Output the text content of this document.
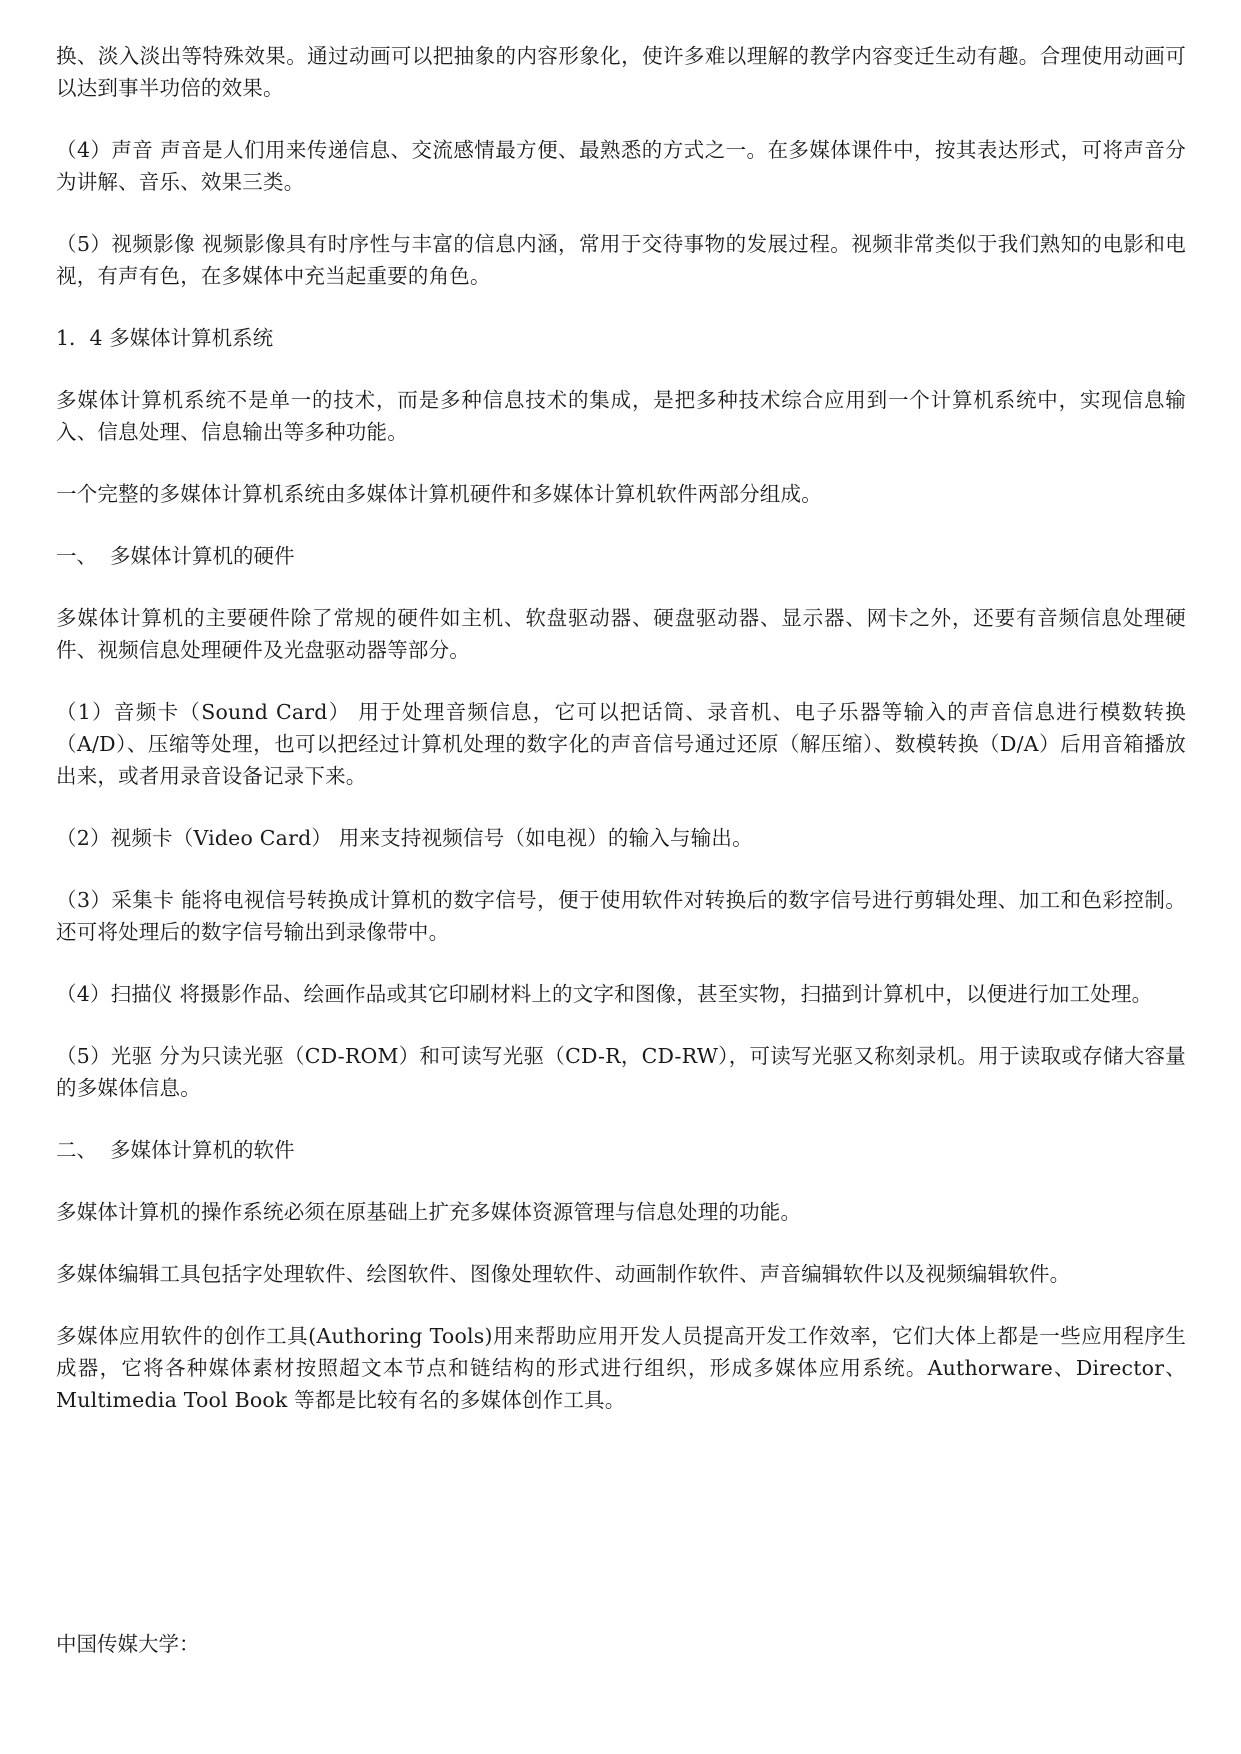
换、淡入淡出等特殊效果。通过动画可以把抽象的内容形象化，使许多难以理解的教学内容变迁生动有趣。合理使用动画可以达到事半功倍的效果。

（4）声音 声音是人们用来传递信息、交流感情最方便、最熟悉的方式之一。在多媒体课件中，按其表达形式，可将声音分为讲解、音乐、效果三类。

（5）视频影像 视频影像具有时序性与丰富的信息内涵，常用于交待事物的发展过程。视频非常类似于我们熟知的电影和电视，有声有色，在多媒体中充当起重要的角色。

1．4 多媒体计算机系统

多媒体计算机系统不是单一的技术，而是多种信息技术的集成，是把多种技术综合应用到一个计算机系统中，实现信息输入、信息处理、信息输出等多种功能。

一个完整的多媒体计算机系统由多媒体计算机硬件和多媒体计算机软件两部分组成。

一、  多媒体计算机的硬件

多媒体计算机的主要硬件除了常规的硬件如主机、软盘驱动器、硬盘驱动器、显示器、网卡之外，还要有音频信息处理硬件、视频信息处理硬件及光盘驱动器等部分。

（1）音频卡（Sound Card） 用于处理音频信息，它可以把话筒、录音机、电子乐器等输入的声音信息进行模数转换（A/D）、压缩等处理，也可以把经过计算机处理的数字化的声音信号通过还原（解压缩）、数模转换（D/A）后用音箱播放出来，或者用录音设备记录下来。

（2）视频卡（Video Card） 用来支持视频信号（如电视）的输入与输出。

（3）采集卡 能将电视信号转换成计算机的数字信号，便于使用软件对转换后的数字信号进行剪辑处理、加工和色彩控制。还可将处理后的数字信号输出到录像带中。

（4）扫描仪 将摄影作品、绘画作品或其它印刷材料上的文字和图像，甚至实物，扫描到计算机中，以便进行加工处理。

（5）光驱 分为只读光驱（CD-ROM）和可读写光驱（CD-R，CD-RW），可读写光驱又称刻录机。用于读取或存储大容量的多媒体信息。

二、  多媒体计算机的软件

多媒体计算机的操作系统必须在原基础上扩充多媒体资源管理与信息处理的功能。

多媒体编辑工具包括字处理软件、绘图软件、图像处理软件、动画制作软件、声音编辑软件以及视频编辑软件。

多媒体应用软件的创作工具(Authoring Tools)用来帮助应用开发人员提高开发工作效率，它们大体上都是一些应用程序生成器，它将各种媒体素材按照超文本节点和链结构的形式进行组织，形成多媒体应用系统。Authorware、Director、Multimedia Tool Book 等都是比较有名的多媒体创作工具。

中国传媒大学：
